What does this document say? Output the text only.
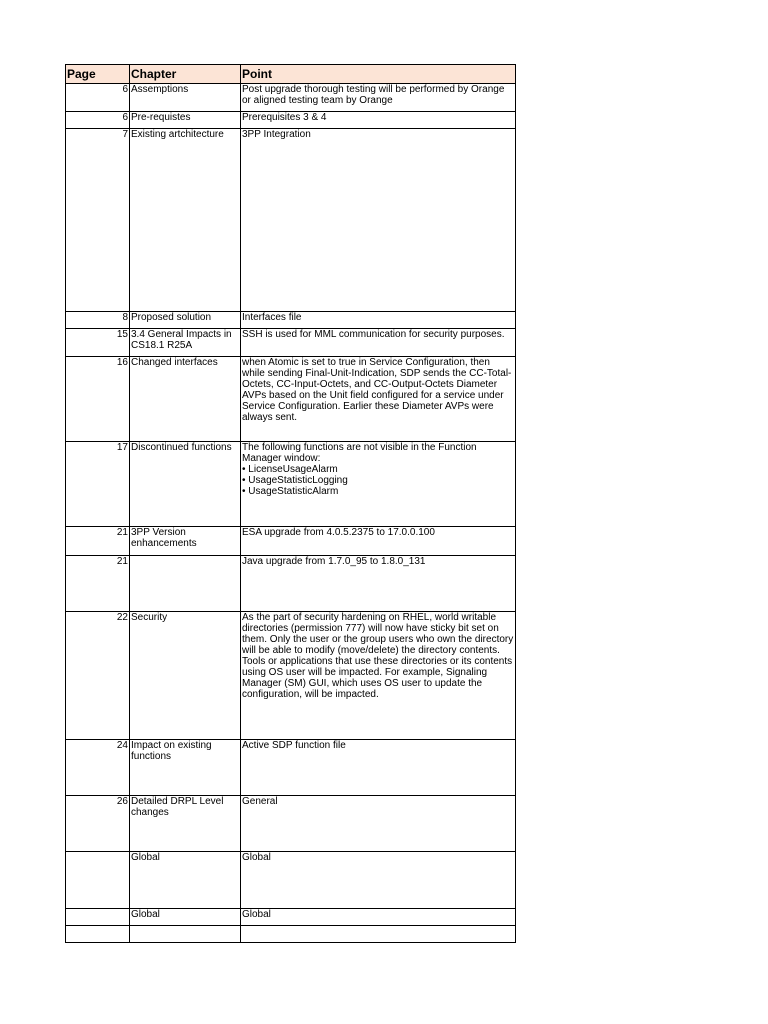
Page	Chapter	Point
6	Assemptions	Post upgrade thorough testing will be performed by Orange or aligned testing team by Orange
6	Pre-requistes	Prerequisites 3 & 4
7	Existing artchitecture	3PP Integration
8	Proposed solution	Interfaces file
15	3.4 General Impacts in CS18.1 R25A	SSH is used for MML communication for security purposes.
16	Changed interfaces	when Atomic is set to true in Service Configuration, then while sending Final-Unit-Indication, SDP sends the CC-Total-Octets, CC-Input-Octets, and CC-Output-Octets Diameter AVPs based on the Unit field configured for a service under Service Configuration. Earlier these Diameter AVPs were always sent.
17	Discontinued functions	The following functions are not visible in the Function Manager window:
• LicenseUsageAlarm
• UsageStatisticLogging
• UsageStatisticAlarm

21	3PP Version enhancements	ESA upgrade from 4.0.5.2375 to 17.0.0.100
21		Java upgrade from 1.7.0_95 to 1.8.0_131
22	Security	As the part of security hardening on RHEL, world writable directories (permission 777) will now have sticky bit set on them. Only the user or the group users who own the directory will be able to modify (move/delete) the directory contents. Tools or applications that use these directories or its contents using OS user will be impacted. For example, Signaling Manager (SM) GUI, which uses OS user to update the configuration, will be impacted.
24	Impact on existing functions	Active SDP function file
26	Detailed DRPL Level changes	General
	Global	Global
	Global	Global
